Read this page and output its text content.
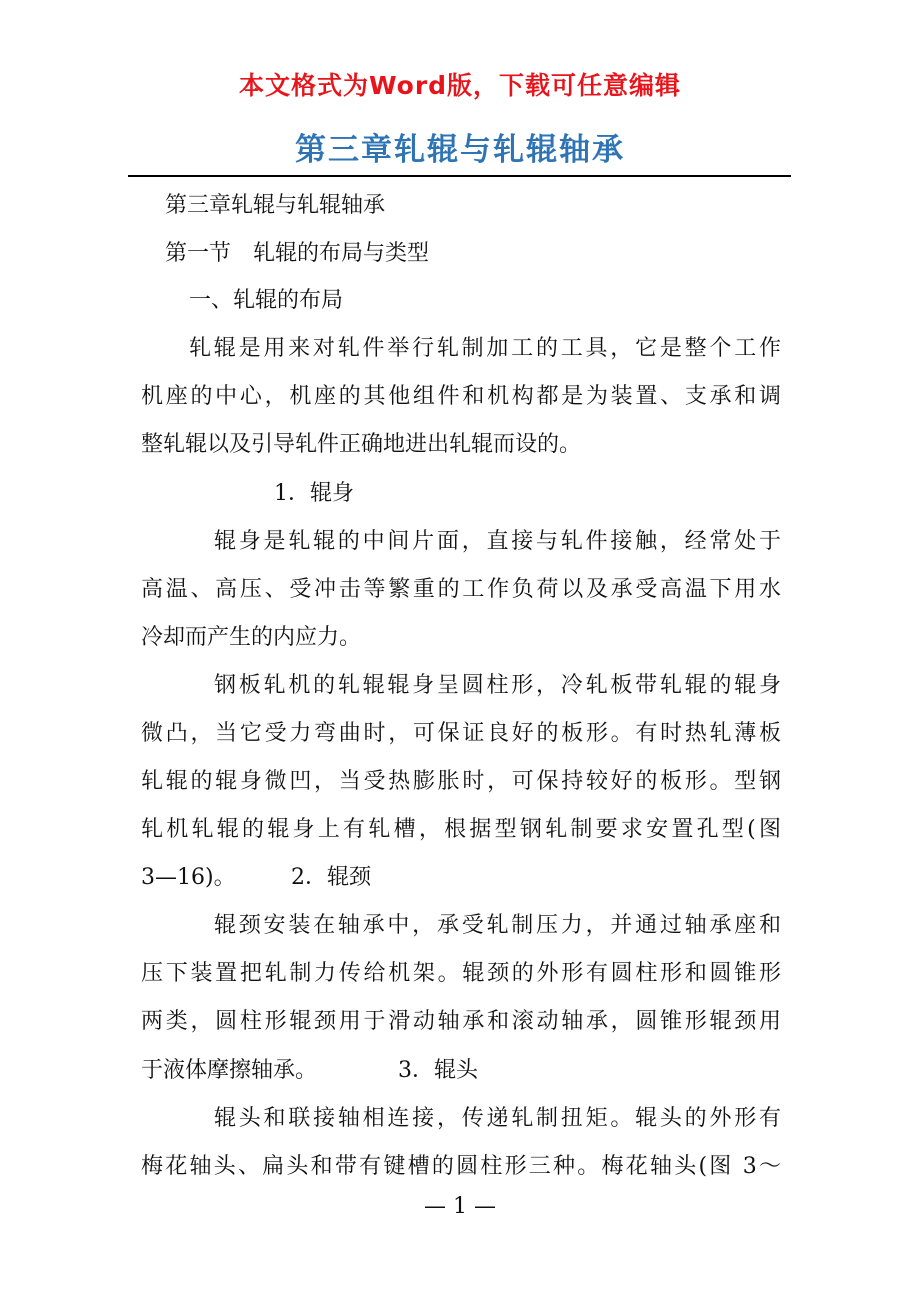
本文格式为Word版，下载可任意编辑
第三章轧辊与轧辊轴承
第三章轧辊与轧辊轴承
第一节　轧辊的布局与类型
一、轧辊的布局
轧辊是用来对轧件举行轧制加工的工具，它是整个工作
机座的中心，机座的其他组件和机构都是为装置、支承和调
整轧辊以及引导轧件正确地进出轧辊而设的。
1．辊身
辊身是轧辊的中间片面，直接与轧件接触，经常处于
高温、高压、受冲击等繁重的工作负荷以及承受高温下用水
冷却而产生的内应力。
钢板轧机的轧辊辊身呈圆柱形，冷轧板带轧辊的辊身
微凸，当它受力弯曲时，可保证良好的板形。有时热轧薄板
轧辊的辊身微凹，当受热膨胀时，可保持较好的板形。型钢
轧机轧辊的辊身上有轧槽，根据型钢轧制要求安置孔型(图
3—16)。	2．辊颈
辊颈安装在轴承中，承受轧制压力，并通过轴承座和
压下装置把轧制力传给机架。辊颈的外形有圆柱形和圆锥形
两类，圆柱形辊颈用于滑动轴承和滚动轴承，圆锥形辊颈用
于液体摩擦轴承。	3．辊头
辊头和联接轴相连接，传递轧制扭矩。辊头的外形有
梅花轴头、扁头和带有键槽的圆柱形三种。梅花轴头(图 3～
— 1 —
